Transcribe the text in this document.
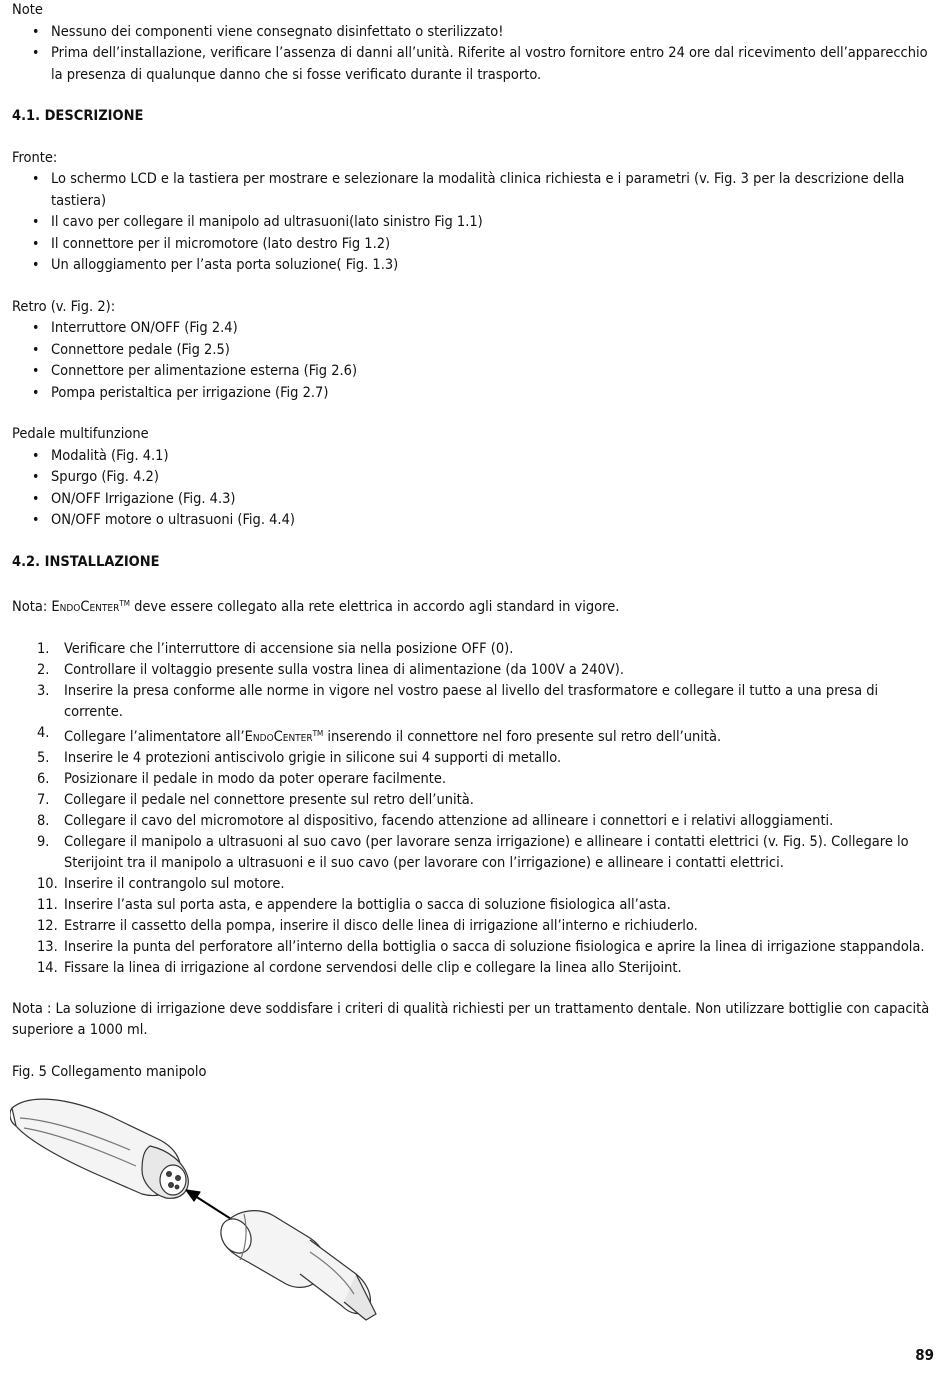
Note
• Nessuno dei componenti viene consegnato disinfettato o sterilizzato!
• Prima dell’installazione, verificare l’assenza di danni all’unità. Riferite al vostro fornitore entro 24 ore dal ricevimento dell’apparecchio la presenza di qualunque danno che si fosse verificato durante il trasporto.
4.1. DESCRIZIONE
Fronte:
• Lo schermo LCD e la tastiera per mostrare e selezionare la modalità clinica richiesta e i parametri (v. Fig. 3 per la descrizione della tastiera)
• Il cavo per collegare il manipolo ad ultrasuoni(lato sinistro Fig 1.1)
• Il connettore per il micromotore (lato destro Fig 1.2)
• Un alloggiamento per l’asta porta soluzione( Fig. 1.3)
Retro (v. Fig. 2):
• Interruttore ON/OFF (Fig 2.4)
• Connettore pedale (Fig 2.5)
• Connettore per alimentazione esterna (Fig 2.6)
• Pompa peristaltica per irrigazione (Fig 2.7)
Pedale multifunzione
• Modalità (Fig. 4.1)
• Spurgo (Fig. 4.2)
• ON/OFF Irrigazione (Fig. 4.3)
• ON/OFF motore o ultrasuoni (Fig. 4.4)
4.2. INSTALLAZIONE
Nota: EndoCenter™ deve essere collegato alla rete elettrica in accordo agli standard in vigore.
1. Verificare che l’interruttore di accensione sia nella posizione OFF (0).
2. Controllare il voltaggio presente sulla vostra linea di alimentazione (da 100V a 240V).
3. Inserire la presa conforme alle norme in vigore nel vostro paese al livello del trasformatore e collegare il tutto a una presa di corrente.
4. Collegare l’alimentatore all’EndoCenter™ inserendo il connettore nel foro presente sul retro dell’unità.
5. Inserire le 4 protezioni antiscivolo grigie in silicone sui 4 supporti di metallo.
6. Posizionare il pedale in modo da poter operare facilmente.
7. Collegare il pedale nel connettore presente sul retro dell’unità.
8. Collegare il cavo del micromotore al dispositivo, facendo attenzione ad allineare i connettori e i relativi alloggiamenti.
9. Collegare il manipolo a ultrasuoni al suo cavo (per lavorare senza irrigazione) e allineare i contatti elettrici (v. Fig. 5). Collegare lo Sterijoint tra il manipolo a ultrasuoni e il suo cavo (per lavorare con l’irrigazione) e allineare i contatti elettrici.
10. Inserire il contrangolo sul motore.
11. Inserire l’asta sul porta asta, e appendere la bottiglia o sacca di soluzione fisiologica all’asta.
12. Estrarre il cassetto della pompa, inserire il disco delle linea di irrigazione all’interno e richiuderlo.
13. Inserire la punta del perforatore all’interno della bottiglia o sacca di soluzione fisiologica e aprire la linea di irrigazione stappandola.
14. Fissare la linea di irrigazione al cordone servendosi delle clip e collegare la linea allo Sterijoint.
Nota : La soluzione di irrigazione deve soddisfare i criteri di qualità richiesti per un trattamento dentale. Non utilizzare bottiglie con capacità superiore a 1000 ml.
Fig. 5 Collegamento manipolo
89
